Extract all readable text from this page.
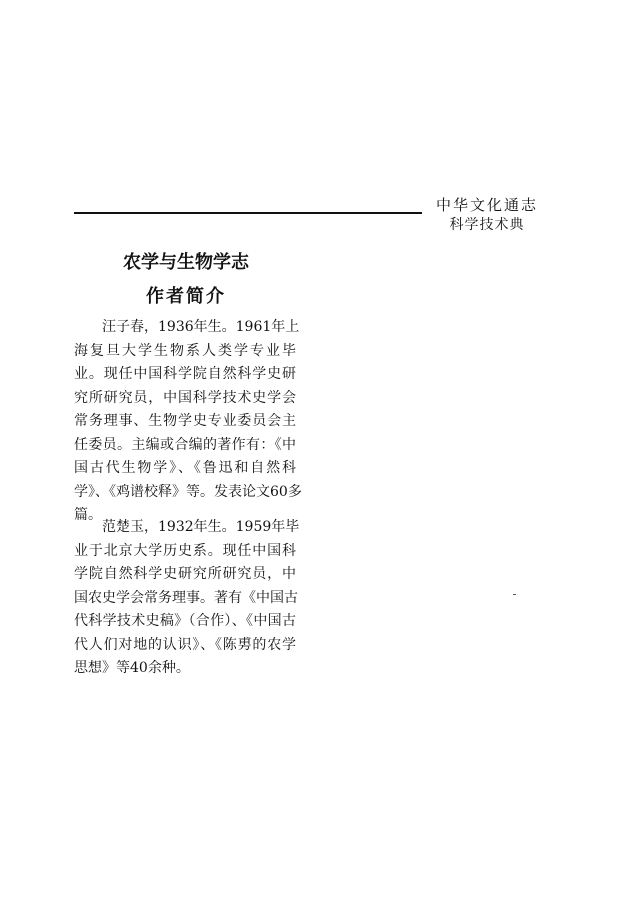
中华文化通志
科学技术典
农学与生物学志
作者简介
汪子春，1936年生。1961年上
海复旦大学生物系人类学专业毕
业。现任中国科学院自然科学史研
究所研究员，中国科学技术史学会
常务理事、生物学史专业委员会主
任委员。主编或合编的著作有：《中
国古代生物学》、《鲁迅和自然科
学》、《鸡谱校释》等。发表论文60多
篇。
范楚玉，1932年生。1959年毕
业于北京大学历史系。现任中国科
学院自然科学史研究所研究员，中
国农史学会常务理事。著有《中国古
代科学技术史稿》（合作）、《中国古
代人们对地的认识》、《陈旉的农学
思想》等40余种。
